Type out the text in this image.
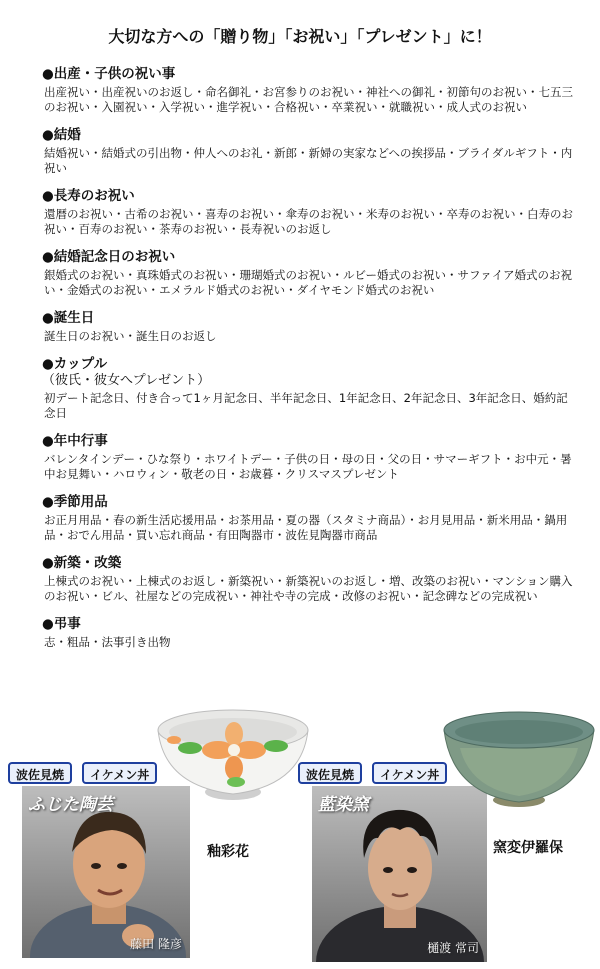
大切な方への「贈り物」「お祝い」「プレゼント」に！
●出産・子供の祝い事
出産祝い・出産祝いのお返し・命名御礼・お宮参りのお祝い・神社への御礼・初節句のお祝い・七五三のお祝い・入園祝い・入学祝い・進学祝い・合格祝い・卒業祝い・就職祝い・成人式のお祝い
●結婚
結婚祝い・結婚式の引出物・仲人へのお礼・新郎・新婦の実家などへの挨拶品・ブライダルギフト・内祝い
●長寿のお祝い
還暦のお祝い・古希のお祝い・喜寿のお祝い・傘寿のお祝い・米寿のお祝い・卒寿のお祝い・白寿のお祝い・百寿のお祝い・茶寿のお祝い・長寿祝いのお返し
●結婚記念日のお祝い
銀婚式のお祝い・真珠婚式のお祝い・珊瑚婚式のお祝い・ルビー婚式のお祝い・サファイア婚式のお祝い・金婚式のお祝い・エメラルド婚式のお祝い・ダイヤモンド婚式のお祝い
●誕生日
誕生日のお祝い・誕生日のお返し
●カップル
（彼氏・彼女へプレゼント）
初デート記念日、付き合って1ヶ月記念日、半年記念日、1年記念日、2年記念日、3年記念日、婚約記念日
●年中行事
バレンタインデー・ひな祭り・ホワイトデー・子供の日・母の日・父の日・サマーギフト・お中元・暑中お見舞い・ハロウィン・敬老の日・お歳暮・クリスマスプレゼント
●季節用品
お正月用品・春の新生活応援用品・お茶用品・夏の器（スタミナ商品）・お月見用品・新米用品・鍋用品・おでん用品・買い忘れ商品・有田陶器市・波佐見陶器市商品
●新築・改築
上棟式のお祝い・上棟式のお返し・新築祝い・新築祝いのお返し・増、改築のお祝い・マンション購入のお祝い・ビル、社屋などの完成祝い・神社や寺の完成・改修のお祝い・記念碑などの完成祝い
●弔事
志・粗品・法事引き出物
波佐見焼	イケメン丼
ふじた陶芸
藤田 隆彦
釉彩花
波佐見焼	イケメン丼
藍染窯
樋渡 常司
窯変伊羅保
